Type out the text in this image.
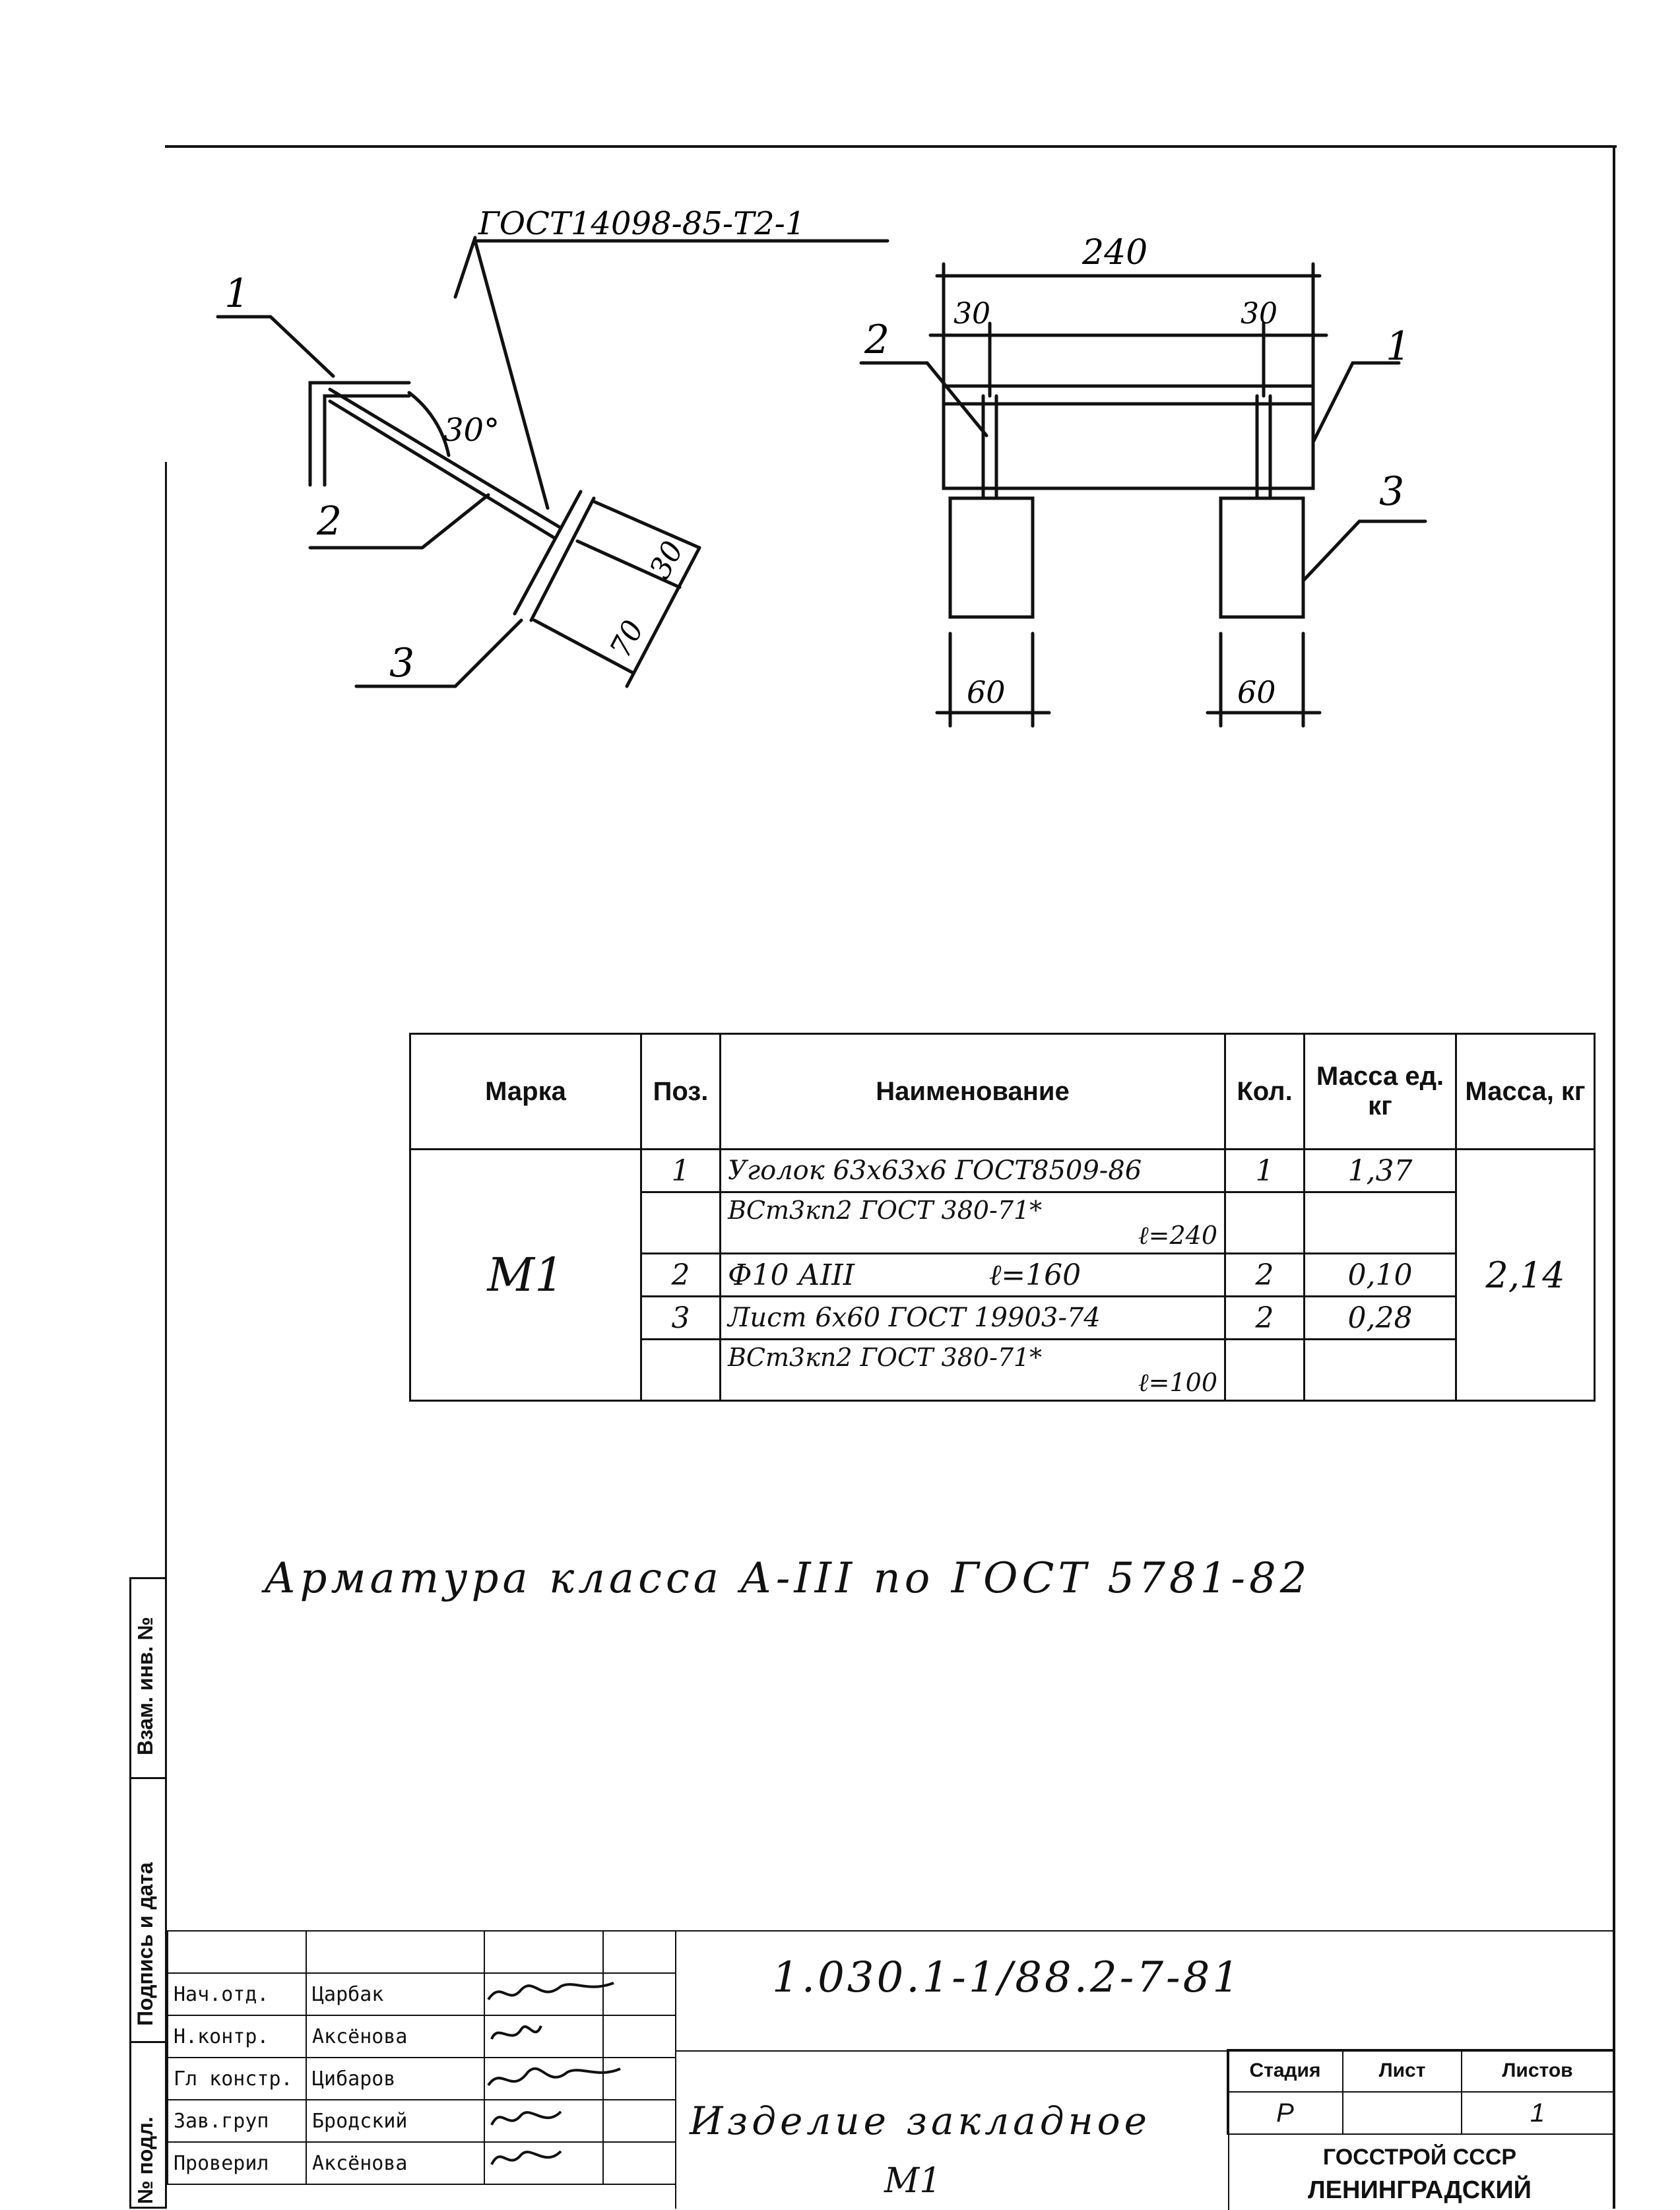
ГОСТ14098-85-Т2-1
30°
1
2
3
30
70
240
30	30
2	1
3
60	60
Марка	Поз.	Наименование	Кол.	Масса ед. кг	Масса, кг
М1	1	Уголок 63x63x6 ГОСТ8509-86	1	1,37	2,14

		ВСт3кп2 ГОСТ 380-71*
ℓ=240			

	2	Ф10 АIII ℓ=160	2	0,10	
	3	Лист 6x60 ГОСТ 19903-74	2	0,28	

		ВСт3кп2 ГОСТ 380-71*
ℓ=100			

Арматура класса А-III по ГОСТ 5781-82
Взам. инв. №
Подпись и дата
№ подл.

Нач.отд.	Царбак		
Н.контр.	Аксёнова		
Гл констр.	Цибаров		
Зав.груп	Бродский		
Проверил	Аксёнова		
1.030.1-1/88.2-7-81
Изделие закладное
М1
Стадия	Лист	Листов
Р		1
ГОССТРОЙ СССР
ЛЕНИНГРАДСКИЙ
